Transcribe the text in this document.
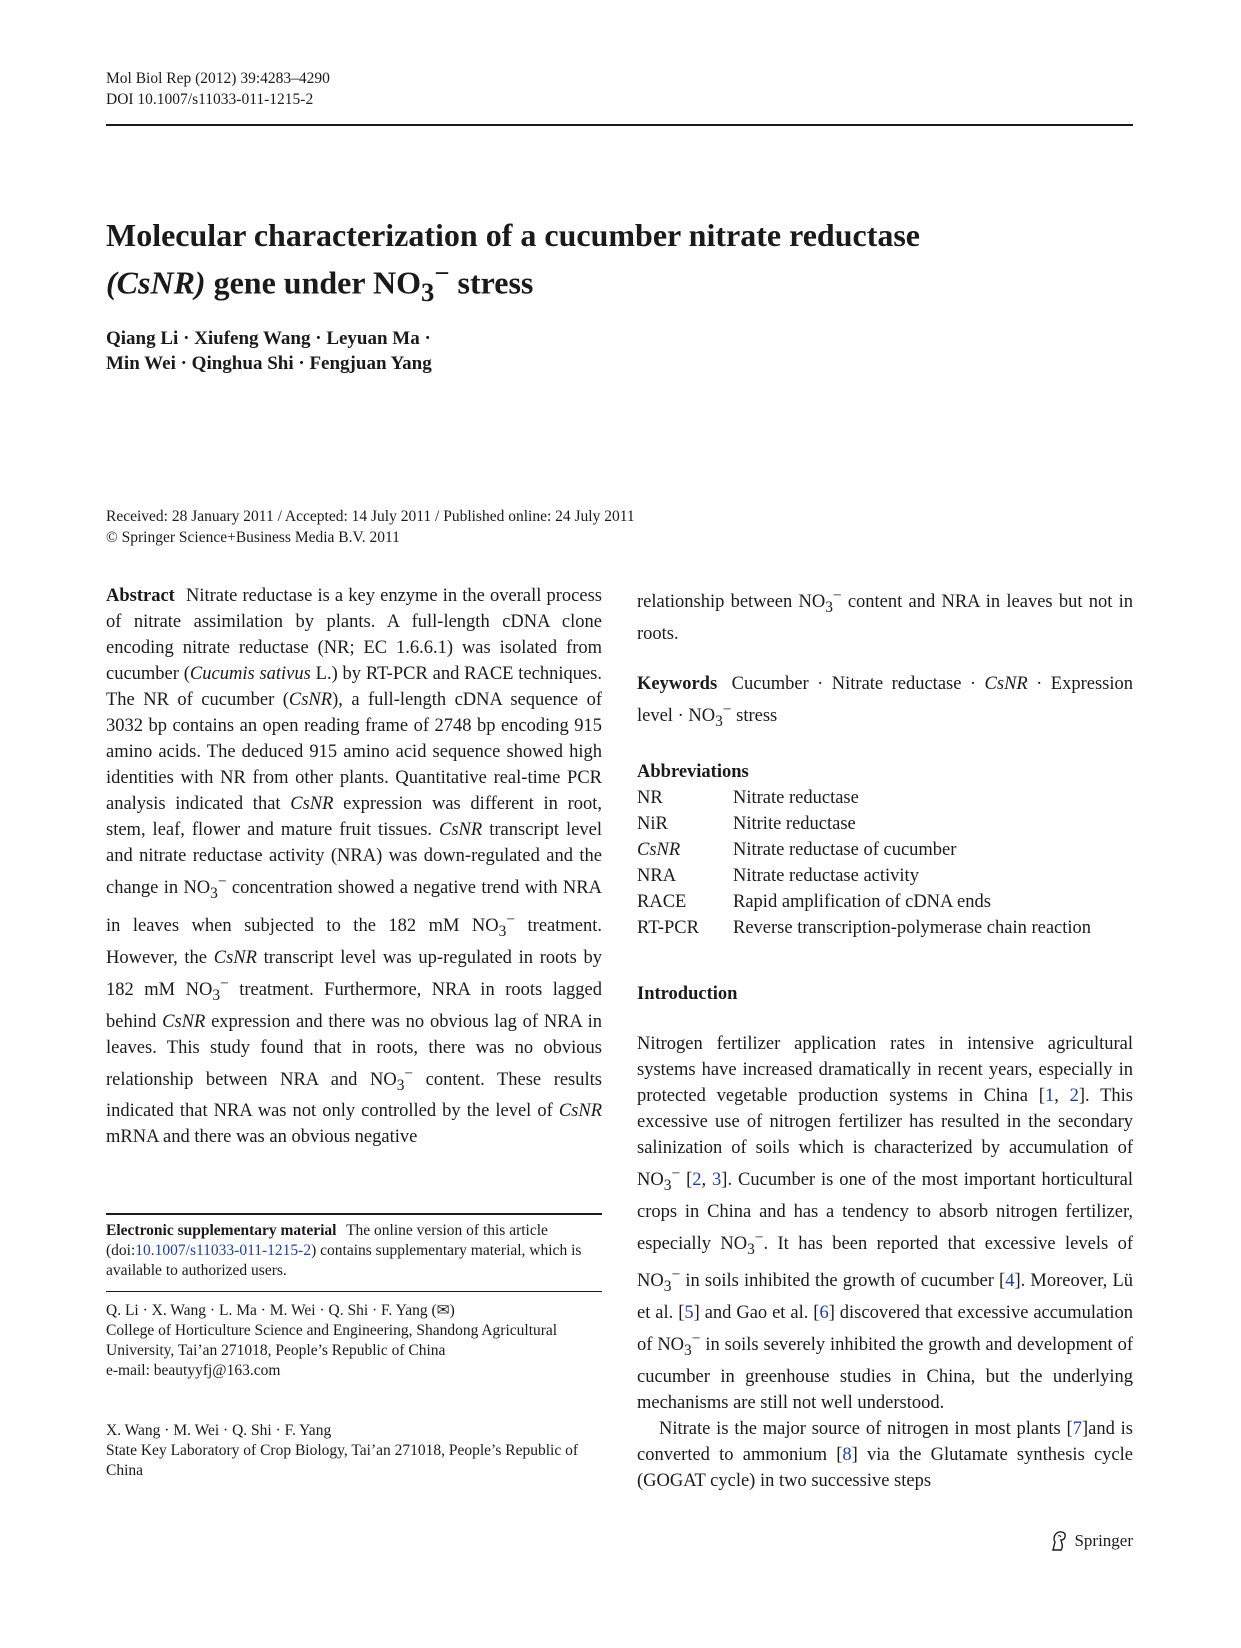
Mol Biol Rep (2012) 39:4283–4290
DOI 10.1007/s11033-011-1215-2
Molecular characterization of a cucumber nitrate reductase
(CsNR) gene under $NO_3^-$ stress
Qiang Li · Xiufeng Wang · Leyuan Ma ·
Min Wei · Qinghua Shi · Fengjuan Yang
Received: 28 January 2011 / Accepted: 14 July 2011 / Published online: 24 July 2011
© Springer Science+Business Media B.V. 2011

Abstract Nitrate reductase is a key enzyme in the overall process of nitrate assimilation by plants. A full-length cDNA clone encoding nitrate reductase (NR; EC 1.6.6.1) was isolated from cucumber (Cucumis sativus L.) by RT-PCR and RACE techniques. The NR of cucumber (CsNR), a full-length cDNA sequence of 3032 bp contains an open reading frame of 2748 bp encoding 915 amino acids. The deduced 915 amino acid sequence showed high identities with NR from other plants. Quantitative real-time PCR analysis indicated that CsNR expression was different in root, stem, leaf, flower and mature fruit tissues. CsNR transcript level and nitrate reductase activity (NRA) was down-regulated and the change in $NO_3^-$ concentration showed a negative trend with NRA in leaves when subjected to the 182 mM $NO_3^-$ treatment. However, the CsNR transcript level was up-regulated in roots by 182 mM $NO_3^-$ treatment. Furthermore, NRA in roots lagged behind CsNR expression and there was no obvious lag of NRA in leaves. This study found that in roots, there was no obvious relationship between NRA and $NO_3^-$ content. These results indicated that NRA was not only controlled by the level of CsNR mRNA and there was an obvious negative

Electronic supplementary material The online version of this article (doi:10.1007/s11033-011-1215-2) contains supplementary material, which is available to authorized users.
Q. Li · X. Wang · L. Ma · M. Wei · Q. Shi · F. Yang (✉)
College of Horticulture Science and Engineering, Shandong Agricultural University, Tai’an 271018, People’s Republic of China
e-mail: beautyyfj@163.com
X. Wang · M. Wei · Q. Shi · F. Yang
State Key Laboratory of Crop Biology, Tai’an 271018, People’s Republic of China

relationship between $NO_3^-$ content and NRA in leaves but not in roots.

Keywords Cucumber · Nitrate reductase · CsNR · Expression level · $NO_3^-$ stress

Abbreviations
NR	Nitrate reductase
NiR	Nitrite reductase
CsNR	Nitrate reductase of cucumber
NRA	Nitrate reductase activity
RACE	Rapid amplification of cDNA ends
RT-PCR	Reverse transcription-polymerase chain reaction
Introduction

Nitrogen fertilizer application rates in intensive agricultural systems have increased dramatically in recent years, especially in protected vegetable production systems in China [1, 2]. This excessive use of nitrogen fertilizer has resulted in the secondary salinization of soils which is characterized by accumulation of $NO_3^-$ [2, 3]. Cucumber is one of the most important horticultural crops in China and has a tendency to absorb nitrogen fertilizer, especially $NO_3^-$. It has been reported that excessive levels of $NO_3^-$ in soils inhibited the growth of cucumber [4]. Moreover, Lü et al. [5] and Gao et al. [6] discovered that excessive accumulation of $NO_3^-$ in soils severely inhibited the growth and development of cucumber in greenhouse studies in China, but the underlying mechanisms are still not well understood.

Nitrate is the major source of nitrogen in most plants [7]and is converted to ammonium [8] via the Glutamate synthesis cycle (GOGAT cycle) in two successive steps

Springer
